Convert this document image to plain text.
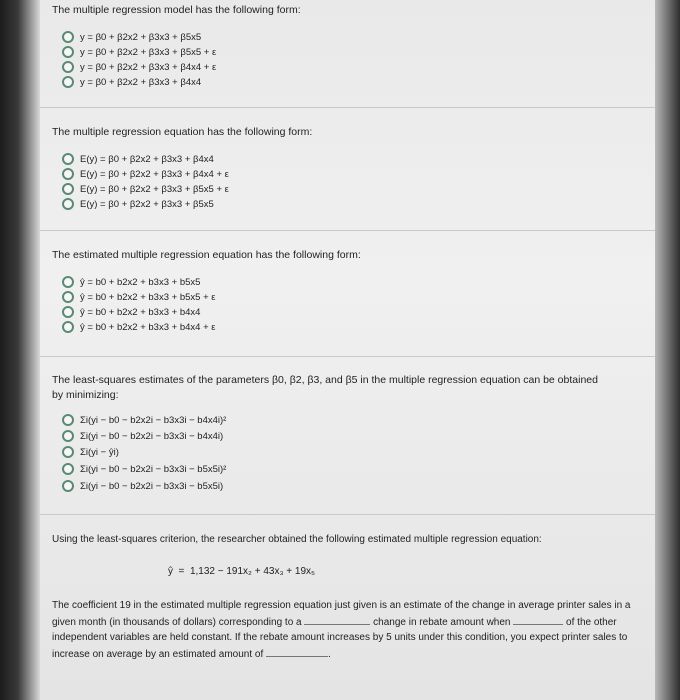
The multiple regression model has the following form:
y = β0 + β2x2 + β3x3 + β5x5
y = β0 + β2x2 + β3x3 + β5x5 + ε
y = β0 + β2x2 + β3x3 + β4x4 + ε
y = β0 + β2x2 + β3x3 + β4x4
The multiple regression equation has the following form:
E(y) = β0 + β2x2 + β3x3 + β4x4
E(y) = β0 + β2x2 + β3x3 + β4x4 + ε
E(y) = β0 + β2x2 + β3x3 + β5x5 + ε
E(y) = β0 + β2x2 + β3x3 + β5x5
The estimated multiple regression equation has the following form:
ŷ = b0 + b2x2 + b3x3 + b5x5
ŷ = b0 + b2x2 + b3x3 + b5x5 + ε
ŷ = b0 + b2x2 + b3x3 + b4x4
ŷ = b0 + b2x2 + b3x3 + b4x4 + ε
The least-squares estimates of the parameters β0, β2, β3, and β5 in the multiple regression equation can be obtained
by minimizing:
Σi(yi − b0 − b2x2i − b3x3i − b4x4i)²
Σi(yi − b0 − b2x2i − b3x3i − b4x4i)
Σi(yi − ŷi)
Σi(yi − b0 − b2x2i − b3x3i − b5x5i)²
Σi(yi − b0 − b2x2i − b3x3i − b5x5i)
Using the least-squares criterion, the researcher obtained the following estimated multiple regression equation:
ŷ  =  1,132 − 191x₂ + 43x₃ + 19x₅
The coefficient 19 in the estimated multiple regression equation just given is an estimate of the change in average printer sales in a given month (in thousands of dollars) corresponding to a	change in rebate amount when	of the other independent variables are held constant. If the rebate amount increases by 5 units under this condition, you expect printer sales to increase on average by an estimated amount of	.
